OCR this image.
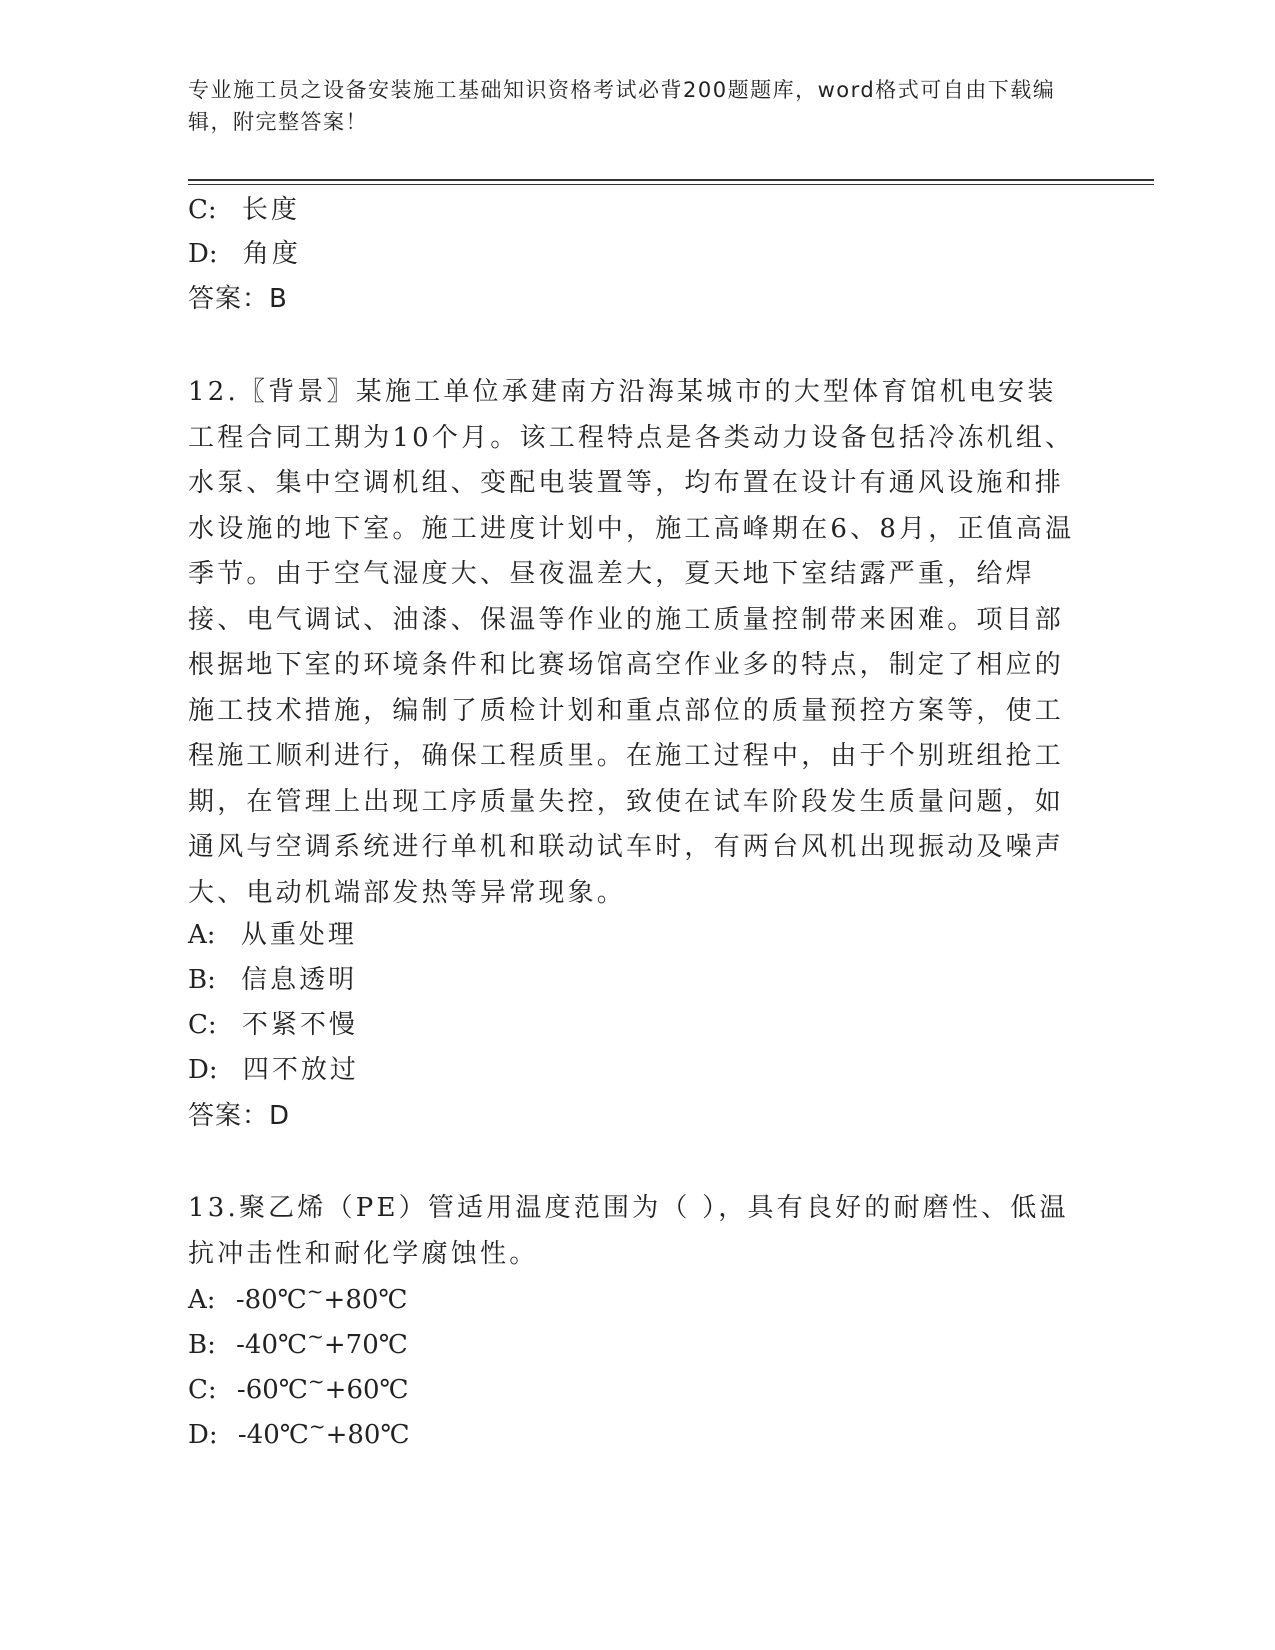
专业施工员之设备安装施工基础知识资格考试必背200题题库，word格式可自由下载编辑，附完整答案！
C: 长度
D: 角度
答案：B
12.〖背景〗某施工单位承建南方沿海某城市的大型体育馆机电安装工程合同工期为10个月。该工程特点是各类动力设备包括冷冻机组、水泵、集中空调机组、变配电装置等，均布置在设计有通风设施和排水设施的地下室。施工进度计划中，施工高峰期在6、8月，正值高温季节。由于空气湿度大、昼夜温差大，夏天地下室结露严重，给焊接、电气调试、油漆、保温等作业的施工质量控制带来困难。项目部根据地下室的环境条件和比赛场馆高空作业多的特点，制定了相应的施工技术措施，编制了质检计划和重点部位的质量预控方案等，使工程施工顺利进行，确保工程质里。在施工过程中，由于个别班组抢工期，在管理上出现工序质量失控，致使在试车阶段发生质量问题，如通风与空调系统进行单机和联动试车时，有两台风机出现振动及噪声大、电动机端部发热等异常现象。
A: 从重处理
B: 信息透明
C: 不紧不慢
D: 四不放过
答案：D
13.聚乙烯（PE）管适用温度范围为（ ），具有良好的耐磨性、低温抗冲击性和耐化学腐蚀性。
A: -80℃~+80℃
B: -40℃~+70℃
C: -60℃~+60℃
D: -40℃~+80℃
